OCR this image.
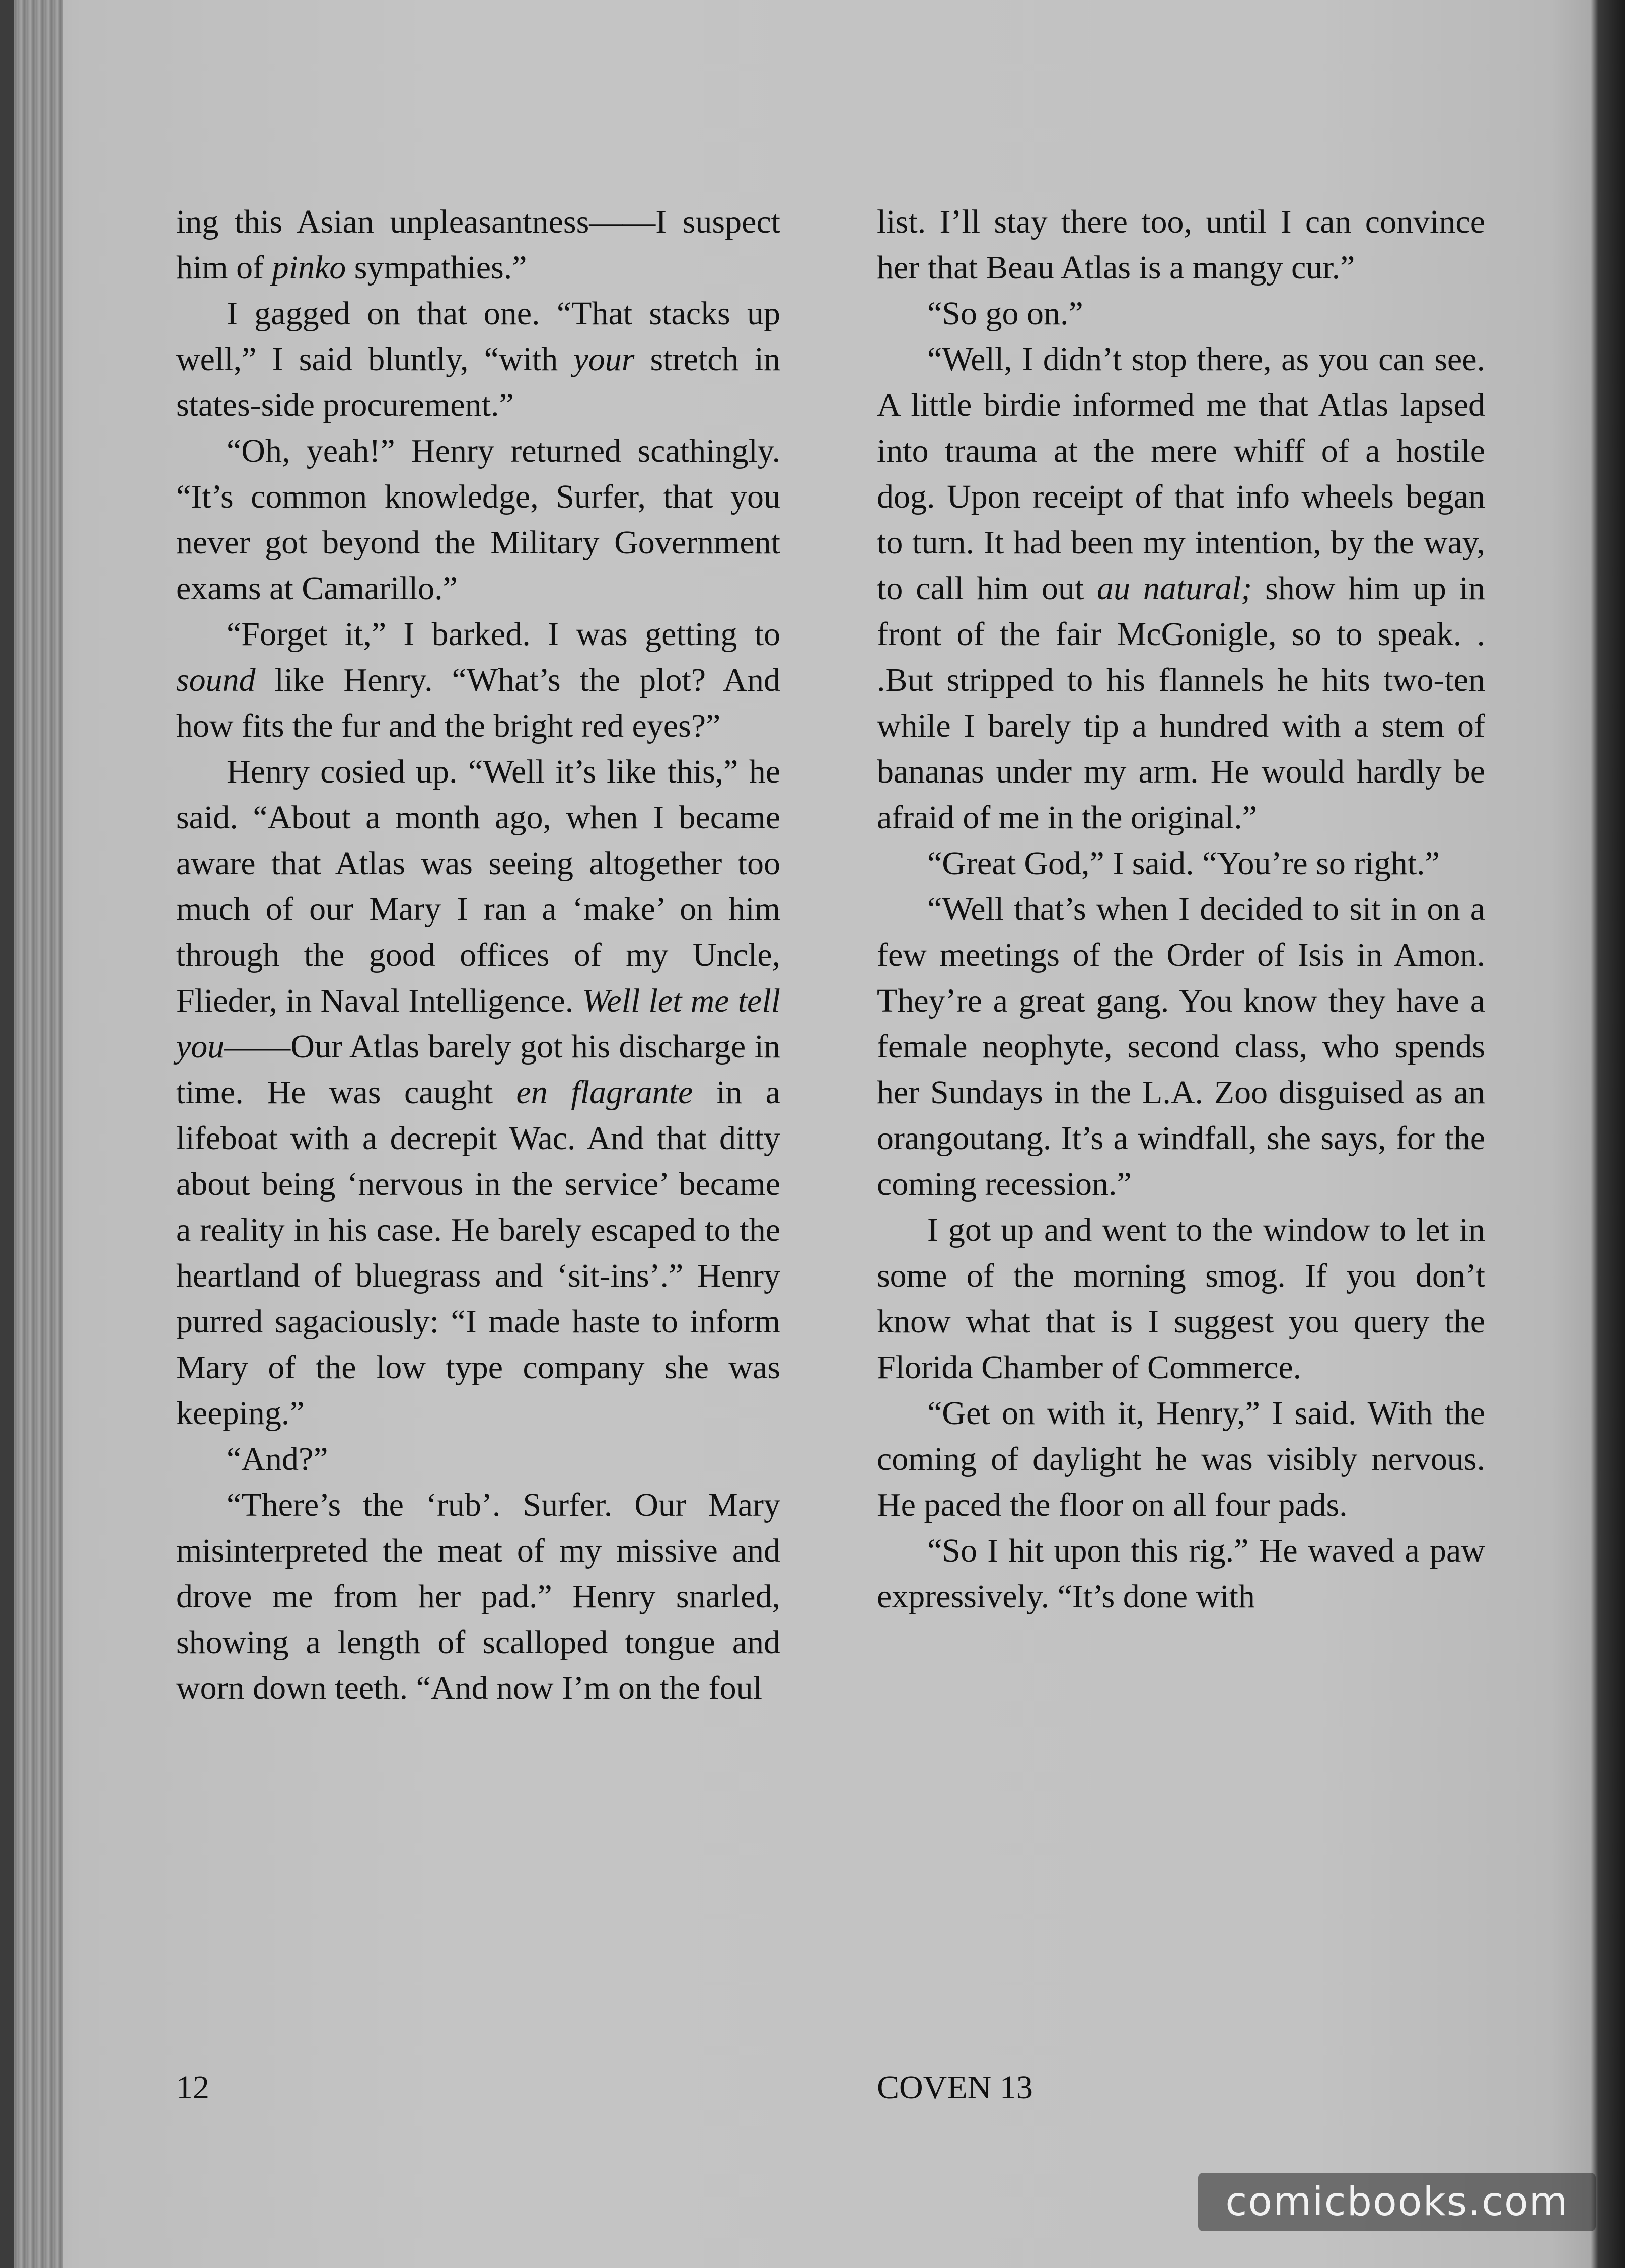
ing this Asian unpleasantness——I suspect him of pinko sympathies.”

I gagged on that one. “That stacks up well,” I said bluntly, “with your stretch in states-side procurement.”

“Oh, yeah!” Henry returned scathingly. “It’s common knowledge, Surfer, that you never got beyond the Military Government exams at Camarillo.”

“Forget it,” I barked. I was getting to sound like Henry. “What’s the plot? And how fits the fur and the bright red eyes?”

Henry cosied up. “Well it’s like this,” he said. “About a month ago, when I became aware that Atlas was seeing altogether too much of our Mary I ran a ‘make’ on him through the good offices of my Uncle, Flieder, in Naval Intelligence. Well let me tell you——Our Atlas barely got his discharge in time. He was caught en flagrante in a lifeboat with a decrepit Wac. And that ditty about being ‘nervous in the service’ became a reality in his case. He barely escaped to the heartland of bluegrass and ‘sit-ins’.” Henry purred sagaciously: “I made haste to inform Mary of the low type company she was keeping.”

“And?”

“There’s the ‘rub’. Surfer. Our Mary misinterpreted the meat of my missive and drove me from her pad.” Henry snarled, showing a length of scalloped tongue and worn down teeth. “And now I’m on the foul

list. I’ll stay there too, until I can convince her that Beau Atlas is a mangy cur.”

“So go on.”

“Well, I didn’t stop there, as you can see. A little birdie informed me that Atlas lapsed into trauma at the mere whiff of a hostile dog. Upon receipt of that info wheels began to turn. It had been my intention, by the way, to call him out au natural; show him up in front of the fair McGonigle, so to speak. . .But stripped to his flannels he hits two-ten while I barely tip a hundred with a stem of bananas under my arm. He would hardly be afraid of me in the original.”

“Great God,” I said. “You’re so right.”

“Well that’s when I decided to sit in on a few meetings of the Order of Isis in Amon. They’re a great gang. You know they have a female neophyte, second class, who spends her Sundays in the L.A. Zoo disguised as an orangoutang. It’s a windfall, she says, for the coming recession.”

I got up and went to the window to let in some of the morning smog. If you don’t know what that is I suggest you query the Florida Chamber of Commerce.

“Get on with it, Henry,” I said. With the coming of daylight he was visibly nervous. He paced the floor on all four pads.

“So I hit upon this rig.” He waved a paw expressively. “It’s done with

12	COVEN 13
comicbooks.com
